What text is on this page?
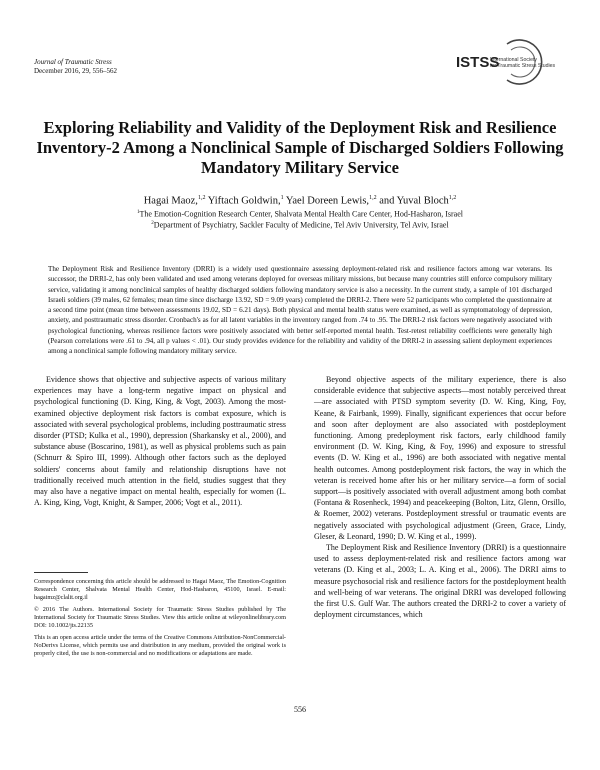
Journal of Traumatic Stress
December 2016, 29, 556–562	ISTSS
International Society
for Traumatic Stress Studies
Exploring Reliability and Validity of the Deployment Risk and Resilience Inventory-2 Among a Nonclinical Sample of Discharged Soldiers Following Mandatory Military Service
Hagai Maoz,$^{1,2}$ Yiftach Goldwin,$^1$ Yael Doreen Lewis,$^{1,2}$ and Yuval Bloch$^{1,2}$
$^1$The Emotion-Cognition Research Center, Shalvata Mental Health Care Center, Hod-Hasharon, Israel
$^2$Department of Psychiatry, Sackler Faculty of Medicine, Tel Aviv University, Tel Aviv, Israel
The Deployment Risk and Resilience Inventory (DRRI) is a widely used questionnaire assessing deployment-related risk and resilience factors among war veterans. Its successor, the DRRI-2, has only been validated and used among veterans deployed for overseas military missions, but because many countries still enforce compulsory military service, validating it among nonclinical samples of healthy discharged soldiers following mandatory service is also a necessity. In the current study, a sample of 101 discharged Israeli soldiers (39 males, 62 females; mean time since discharge 13.92, SD = 9.09 years) completed the DRRI-2. There were 52 participants who completed the questionnaire at a second time point (mean time between assessments 19.02, SD = 6.21 days). Both physical and mental health status were examined, as well as symptomatology of depression, anxiety, and posttraumatic stress disorder. Cronbach's as for all latent variables in the inventory ranged from .74 to .95. The DRRI-2 risk factors were negatively associated with psychological functioning, whereas resilience factors were positively associated with better self-reported mental health. Test-retest reliability coefficients were generally high (Pearson correlations were .61 to .94, all p values < .01). Our study provides evidence for the reliability and validity of the DRRI-2 in assessing salient deployment experiences among a nonclinical sample following mandatory military service.

Evidence shows that objective and subjective aspects of various military experiences may have a long-term negative impact on physical and psychological functioning (D. King, King, & Vogt, 2003). Among the most-examined objective deployment risk factors is combat exposure, which is associated with several psychological problems, including posttraumatic stress disorder (PTSD; Kulka et al., 1990), depression (Sharkansky et al., 2000), and substance abuse (Boscarino, 1981), as well as physical problems such as pain (Schnurr & Spiro III, 1999). Although other factors such as the deployed soldiers' concerns about family and relationship disruptions have not traditionally received much attention in the field, studies suggest that they may also have a negative impact on mental health, especially for women (L. A. King, King, Vogt, Knight, & Samper, 2006; Vogt et al., 2011).

Correspondence concerning this article should be addressed to Hagai Maoz, The Emotion-Cognition Research Center, Shalvata Mental Health Center, Hod-Hasharon, 45100, Israel. E-mail: hagaimz@clalit.org.il

© 2016 The Authors. International Society for Traumatic Stress Studies published by The International Society for Traumatic Stress Studies. View this article online at wileyonlinelibrary.com DOI: 10.1002/jts.22135

This is an open access article under the terms of the Creative Commons Attribution-NonCommercial-NoDerivs License, which permits use and distribution in any medium, provided the original work is properly cited, the use is non-commercial and no modifications or adaptations are made.

Beyond objective aspects of the military experience, there is also considerable evidence that subjective aspects—most notably perceived threat—are associated with PTSD symptom severity (D. W. King, King, Foy, Keane, & Fairbank, 1999). Finally, significant experiences that occur before and soon after deployment are also associated with postdeployment functioning. Among predeployment risk factors, early childhood family environment (D. W. King, King, & Foy, 1996) and exposure to stressful events (D. W. King et al., 1996) are both associated with negative mental health outcomes. Among postdeployment risk factors, the way in which the veteran is received home after his or her military service—a form of social support—is positively associated with overall adjustment among both combat (Fontana & Rosenheck, 1994) and peacekeeping (Bolton, Litz, Glenn, Orsillo, & Roemer, 2002) veterans. Postdeployment stressful or traumatic events are negatively associated with psychological adjustment (Green, Grace, Lindy, Gleser, & Leonard, 1990; D. W. King et al., 1999).

The Deployment Risk and Resilience Inventory (DRRI) is a questionnaire used to assess deployment-related risk and resilience factors among war veterans (D. King et al., 2003; L. A. King et al., 2006). The DRRI aims to measure psychosocial risk and resilience factors for the postdeployment health and well-being of war veterans. The original DRRI was developed following the first U.S. Gulf War. The authors created the DRRI-2 to cover a variety of deployment circumstances, which

556
